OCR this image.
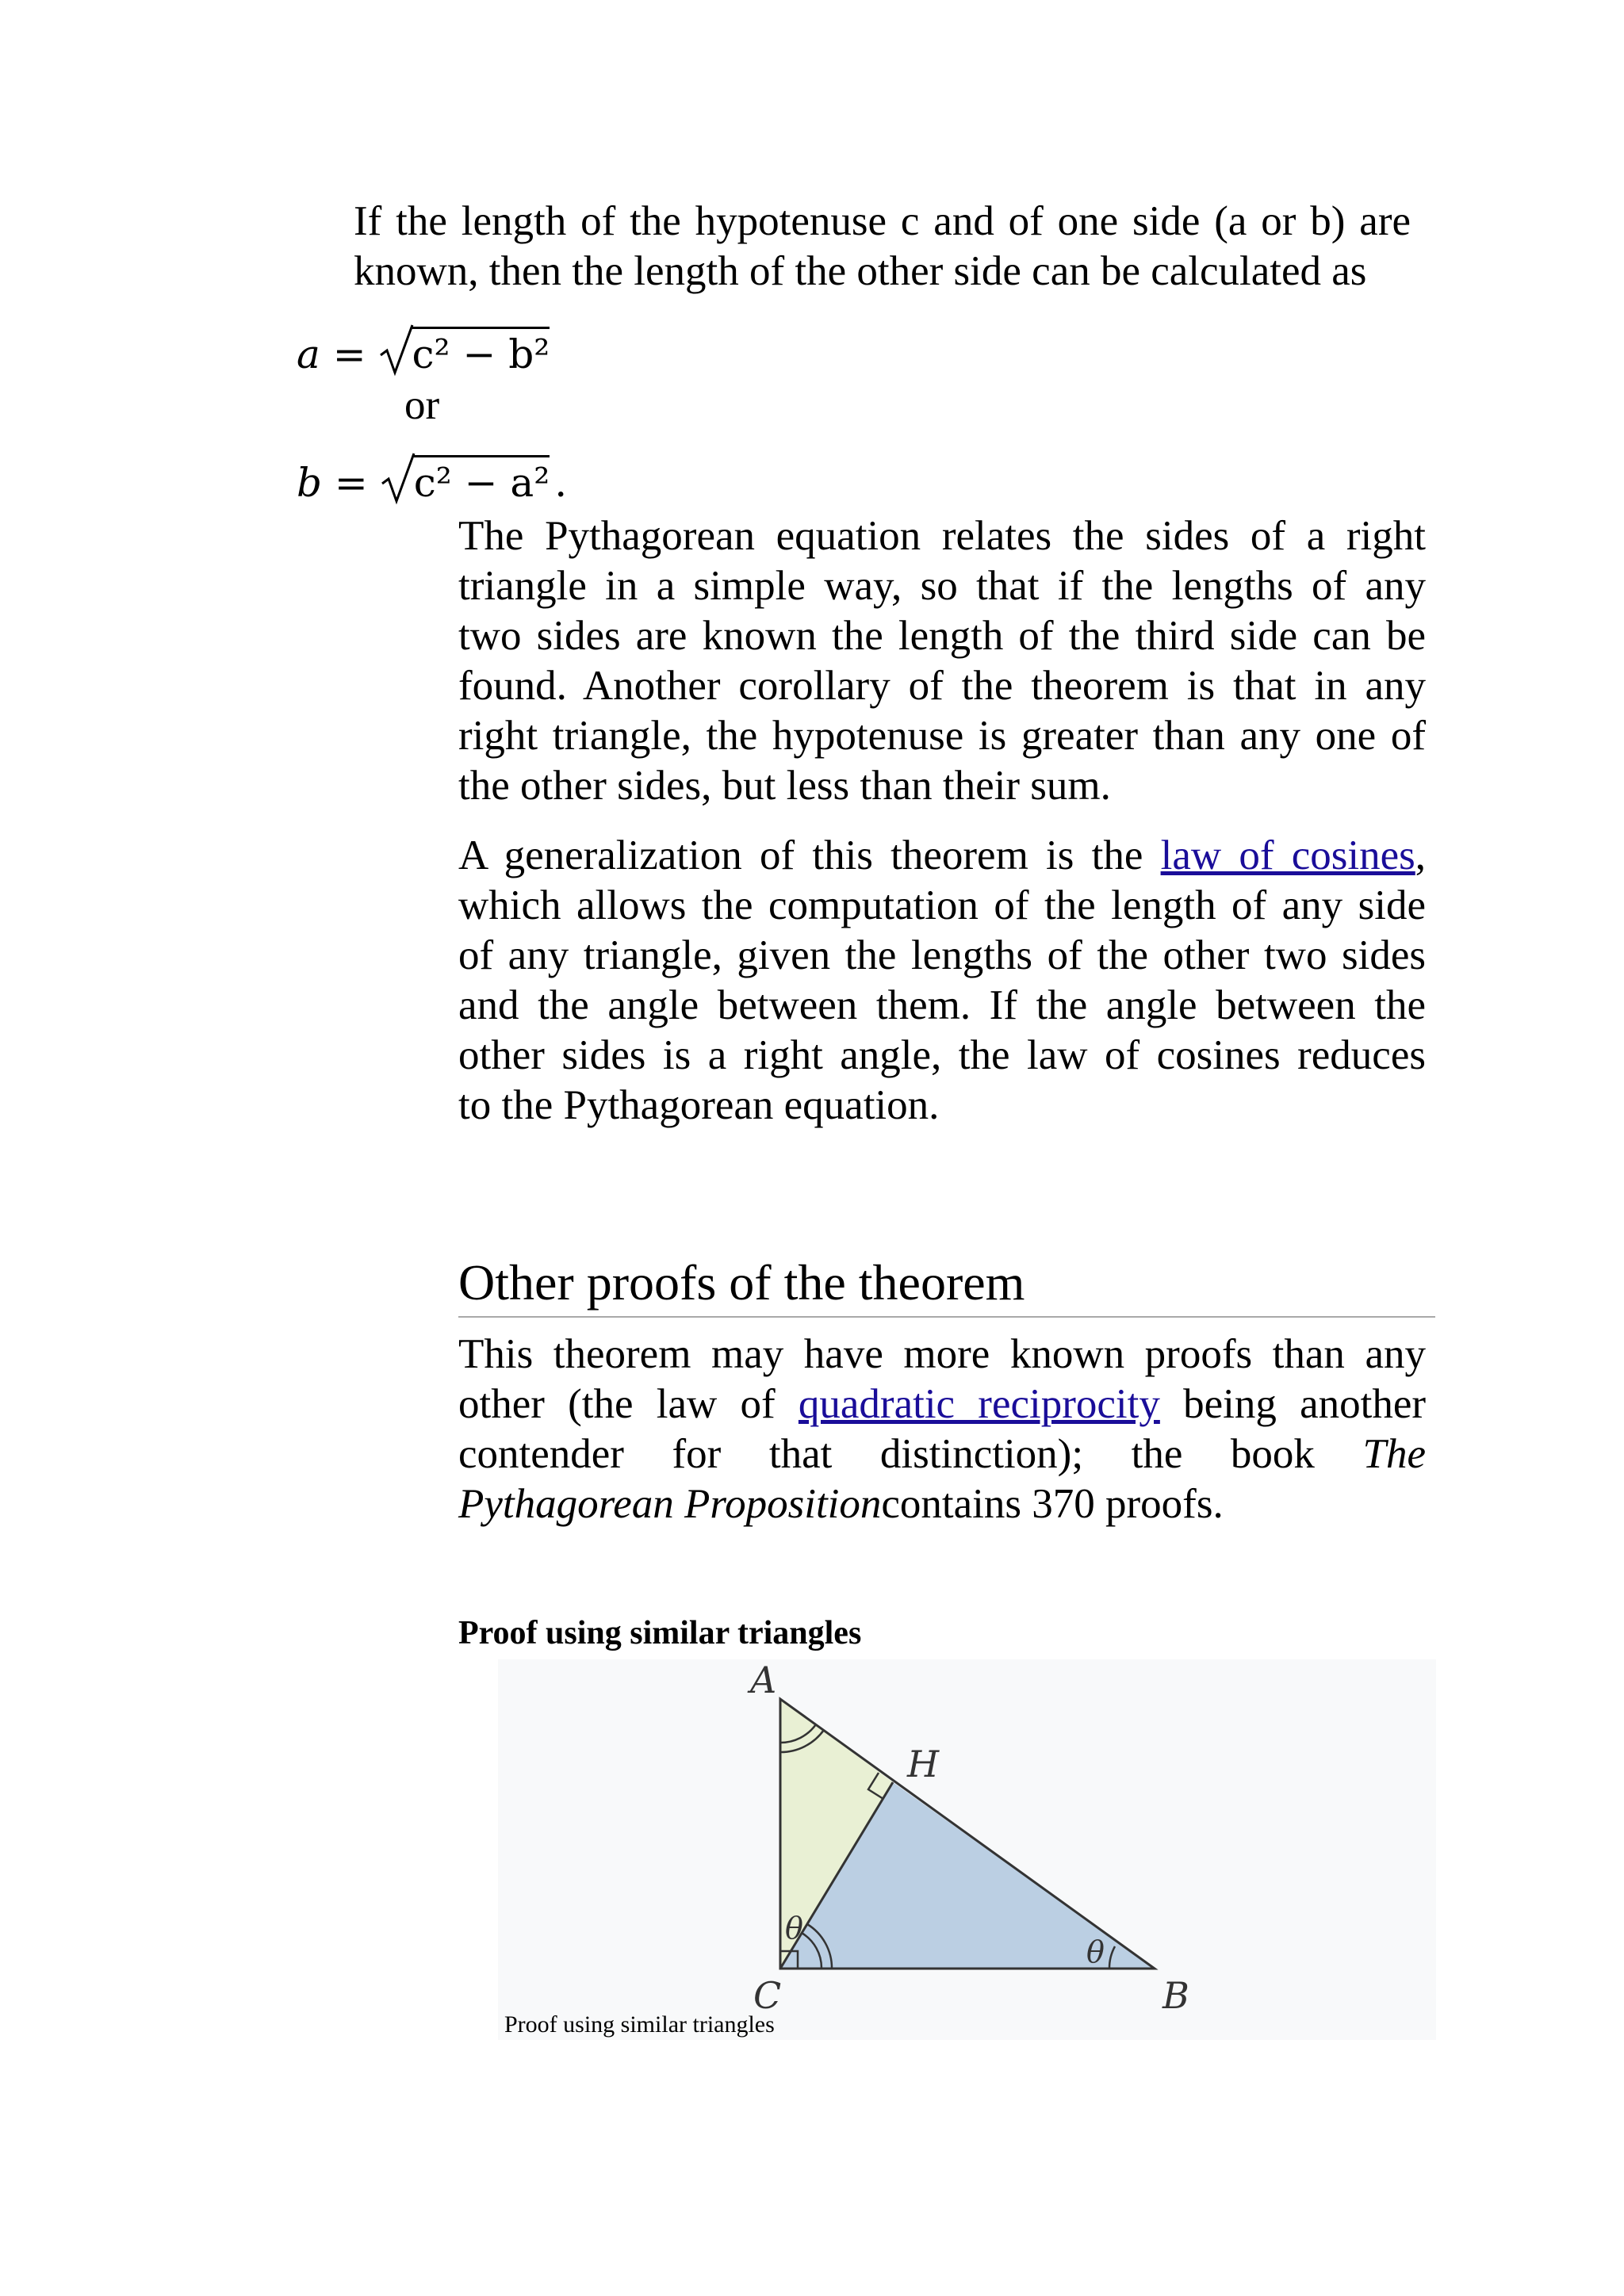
If the length of the hypotenuse c and of one side (a or b) are
known, then the length of the other side can be calculated as

a =
c² − b²
or
b =
c² − a² .

The Pythagorean equation relates the sides of a right
triangle in a simple way, so that if the lengths of any
two sides are known the length of the third side can be
found. Another corollary of the theorem is that in any
right triangle, the hypotenuse is greater than any one of
the other sides, but less than their sum.

A generalization of this theorem is the law of cosines,
which allows the computation of the length of any side
of any triangle, given the lengths of the other two sides
and the angle between them. If the angle between the
other sides is a right angle, the law of cosines reduces
to the Pythagorean equation.

Other proofs of the theorem

This theorem may have more known proofs than any
other (the law of quadratic reciprocity being another
contender for that distinction); the book The
Pythagorean Propositioncontains 370 proofs.

Proof using similar triangles
A
H
C	B
θ
θ
Proof using similar triangles
